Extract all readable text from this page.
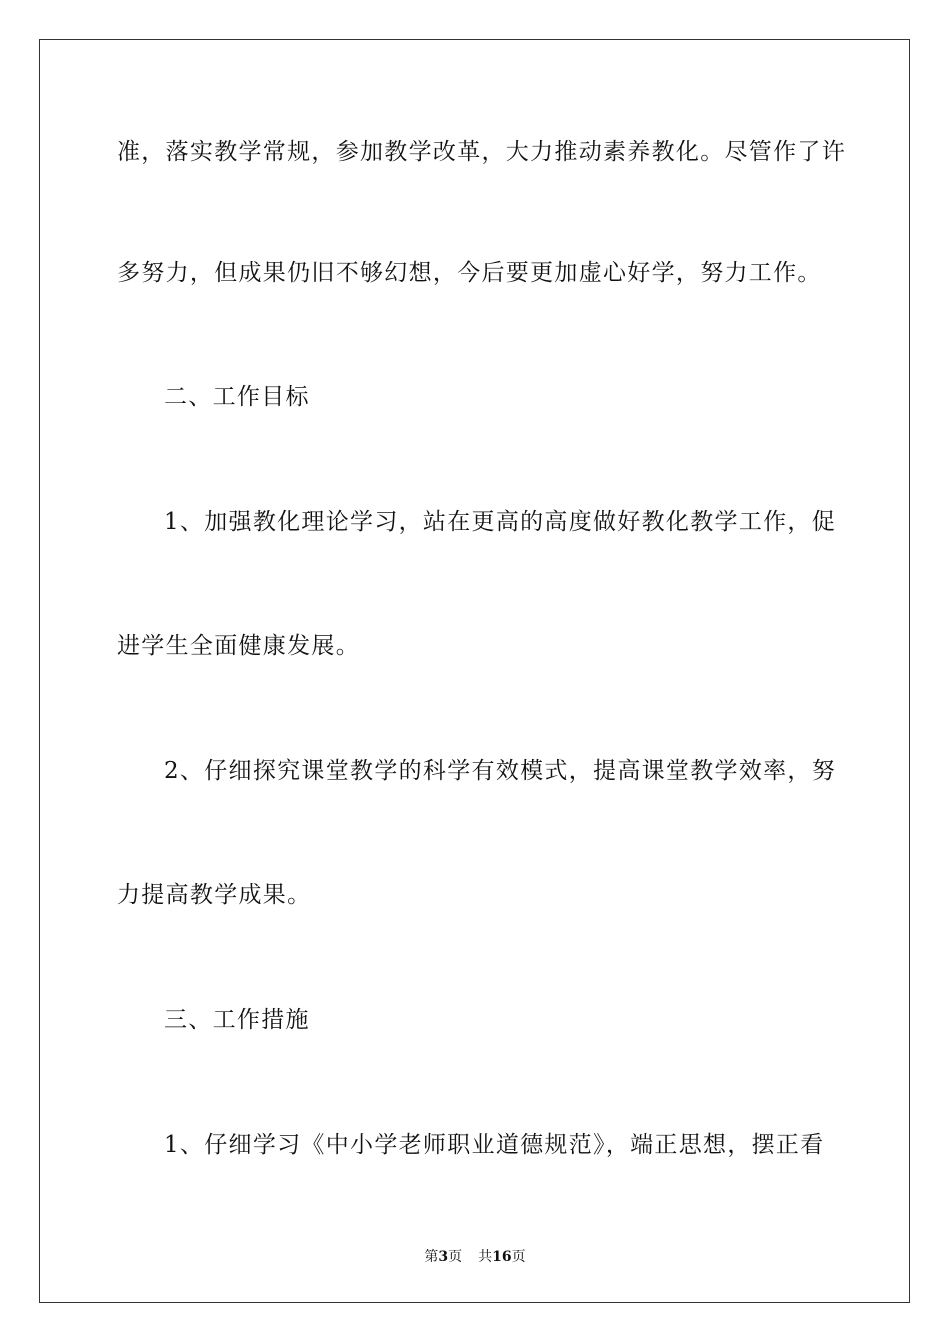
准，落实教学常规，参加教学改革，大力推动素养教化。尽管作了许
多努力，但成果仍旧不够幻想，今后要更加虚心好学，努力工作。
二、工作目标
1、加强教化理论学习，站在更高的高度做好教化教学工作，促
进学生全面健康发展。
2、仔细探究课堂教学的科学有效模式，提高课堂教学效率，努
力提高教学成果。
三、工作措施
1、仔细学习《中小学老师职业道德规范》，端正思想，摆正看
第3页 共16页
